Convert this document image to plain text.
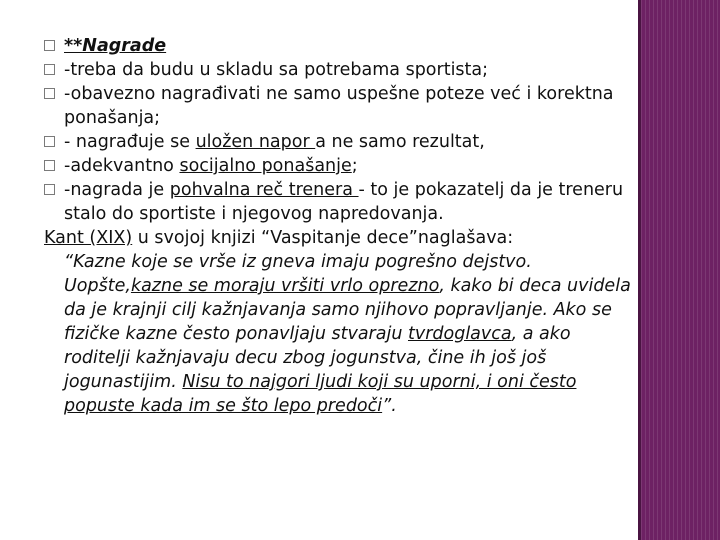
**Nagrade
-treba da budu u skladu sa potrebama sportista;
-obavezno nagrađivati ne samo uspešne poteze već i korektna ponašanja;
- nagrađuje se uložen napor a ne samo rezultat,
-adekvantno socijalno ponašanje;
-nagrada je pohvalna reč trenera - to je pokazatelj da je treneru stalo do sportiste i njegovog napredovanja.
Kant (XIX) u svojoj knjizi “Vaspitanje dece”naglašava:
“Kazne koje se vrše iz gneva imaju pogrešno dejstvo. Uopšte,kazne se moraju vršiti vrlo oprezno, kako bi deca uvidela da je krajnji cilj kažnjavanja samo njihovo popravljanje. Ako se fizičke kazne često ponavljaju stvaraju tvrdoglavca, a ako roditelji kažnjavaju decu zbog jogunstva, čine ih još još jogunastijim. Nisu to najgori ljudi koji su uporni, i oni često popuste kada im se što lepo predoči”.
